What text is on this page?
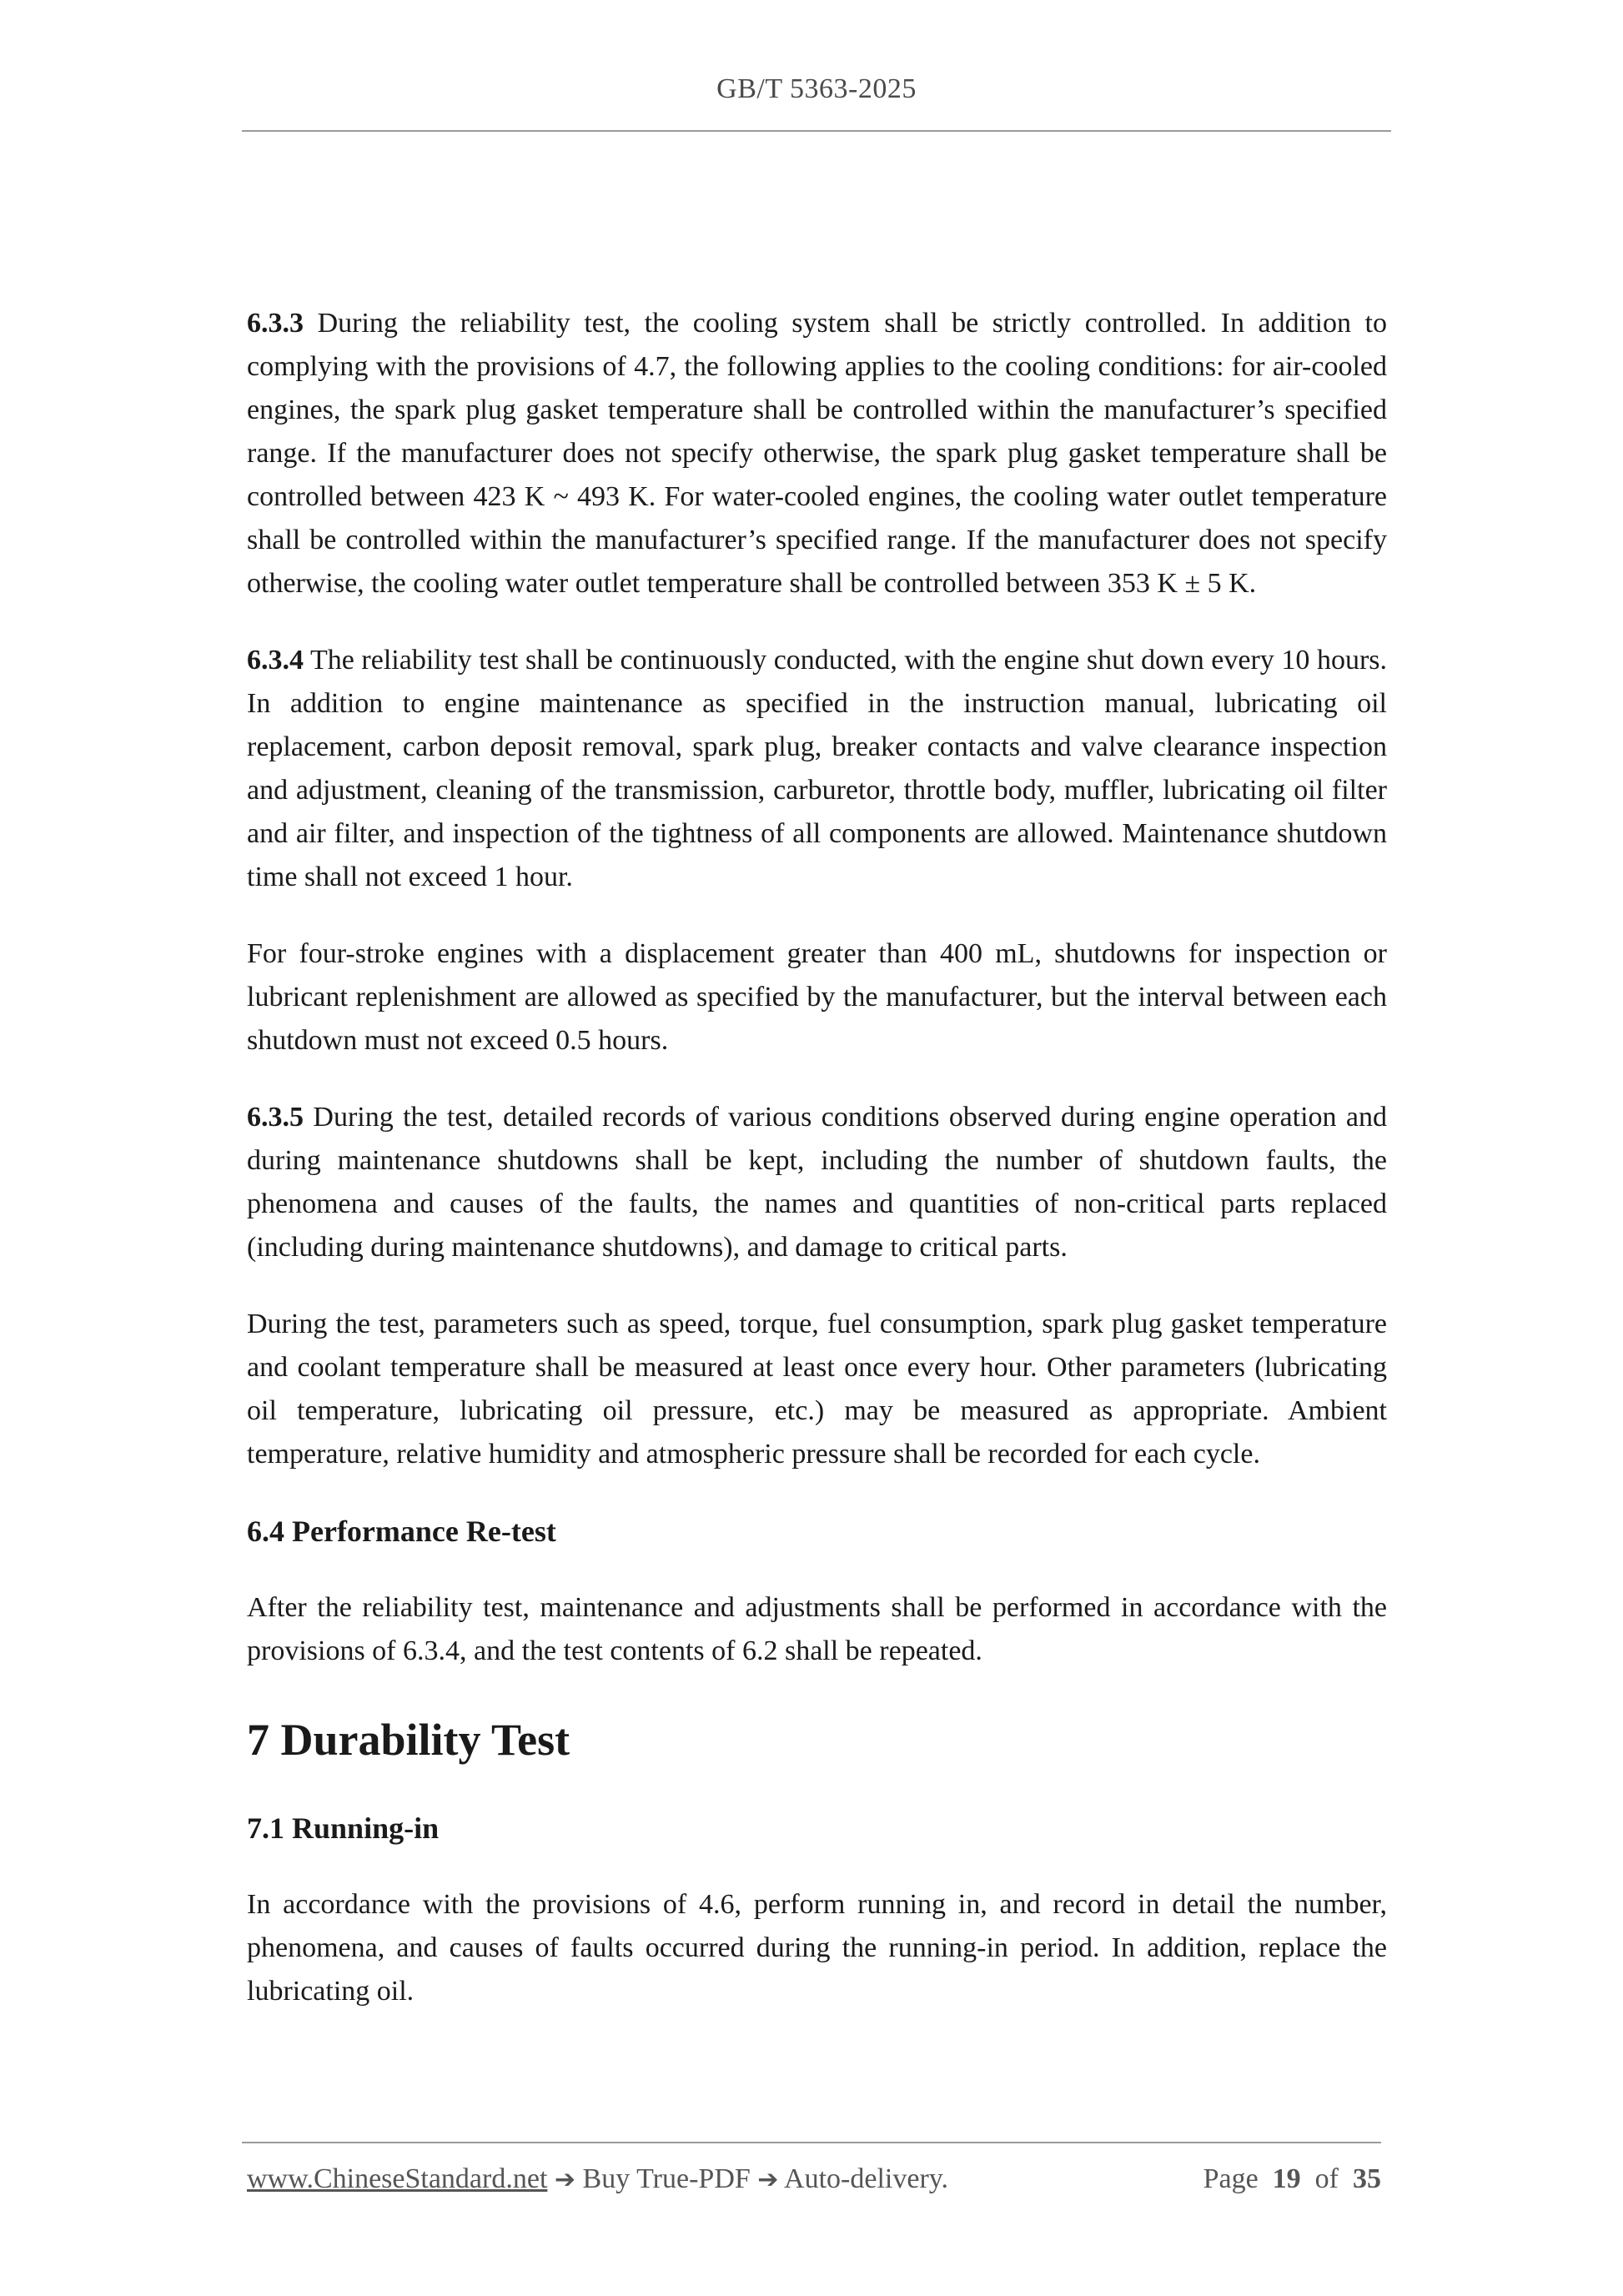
GB/T 5363-2025

6.3.3 During the reliability test, the cooling system shall be strictly controlled. In addition to complying with the provisions of 4.7, the following applies to the cooling conditions: for air-cooled engines, the spark plug gasket temperature shall be controlled within the manufacturer’s specified range. If the manufacturer does not specify otherwise, the spark plug gasket temperature shall be controlled between 423 K ~ 493 K. For water-cooled engines, the cooling water outlet temperature shall be controlled within the manufacturer’s specified range. If the manufacturer does not specify otherwise, the cooling water outlet temperature shall be controlled between 353 K ± 5 K.

6.3.4 The reliability test shall be continuously conducted, with the engine shut down every 10 hours. In addition to engine maintenance as specified in the instruction manual, lubricating oil replacement, carbon deposit removal, spark plug, breaker contacts and valve clearance inspection and adjustment, cleaning of the transmission, carburetor, throttle body, muffler, lubricating oil filter and air filter, and inspection of the tightness of all components are allowed. Maintenance shutdown time shall not exceed 1 hour.

For four-stroke engines with a displacement greater than 400 mL, shutdowns for inspection or lubricant replenishment are allowed as specified by the manufacturer, but the interval between each shutdown must not exceed 0.5 hours.

6.3.5 During the test, detailed records of various conditions observed during engine operation and during maintenance shutdowns shall be kept, including the number of shutdown faults, the phenomena and causes of the faults, the names and quantities of non-critical parts replaced (including during maintenance shutdowns), and damage to critical parts.

During the test, parameters such as speed, torque, fuel consumption, spark plug gasket temperature and coolant temperature shall be measured at least once every hour. Other parameters (lubricating oil temperature, lubricating oil pressure, etc.) may be measured as appropriate. Ambient temperature, relative humidity and atmospheric pressure shall be recorded for each cycle.

6.4 Performance Re-test

After the reliability test, maintenance and adjustments shall be performed in accordance with the provisions of 6.3.4, and the test contents of 6.2 shall be repeated.

7 Durability Test
7.1 Running-in

In accordance with the provisions of 4.6, perform running in, and record in detail the number, phenomena, and causes of faults occurred during the running-in period. In addition, replace the lubricating oil.

www.ChineseStandard.net ➔ Buy True-PDF ➔ Auto-delivery.	Page 19 of 35
